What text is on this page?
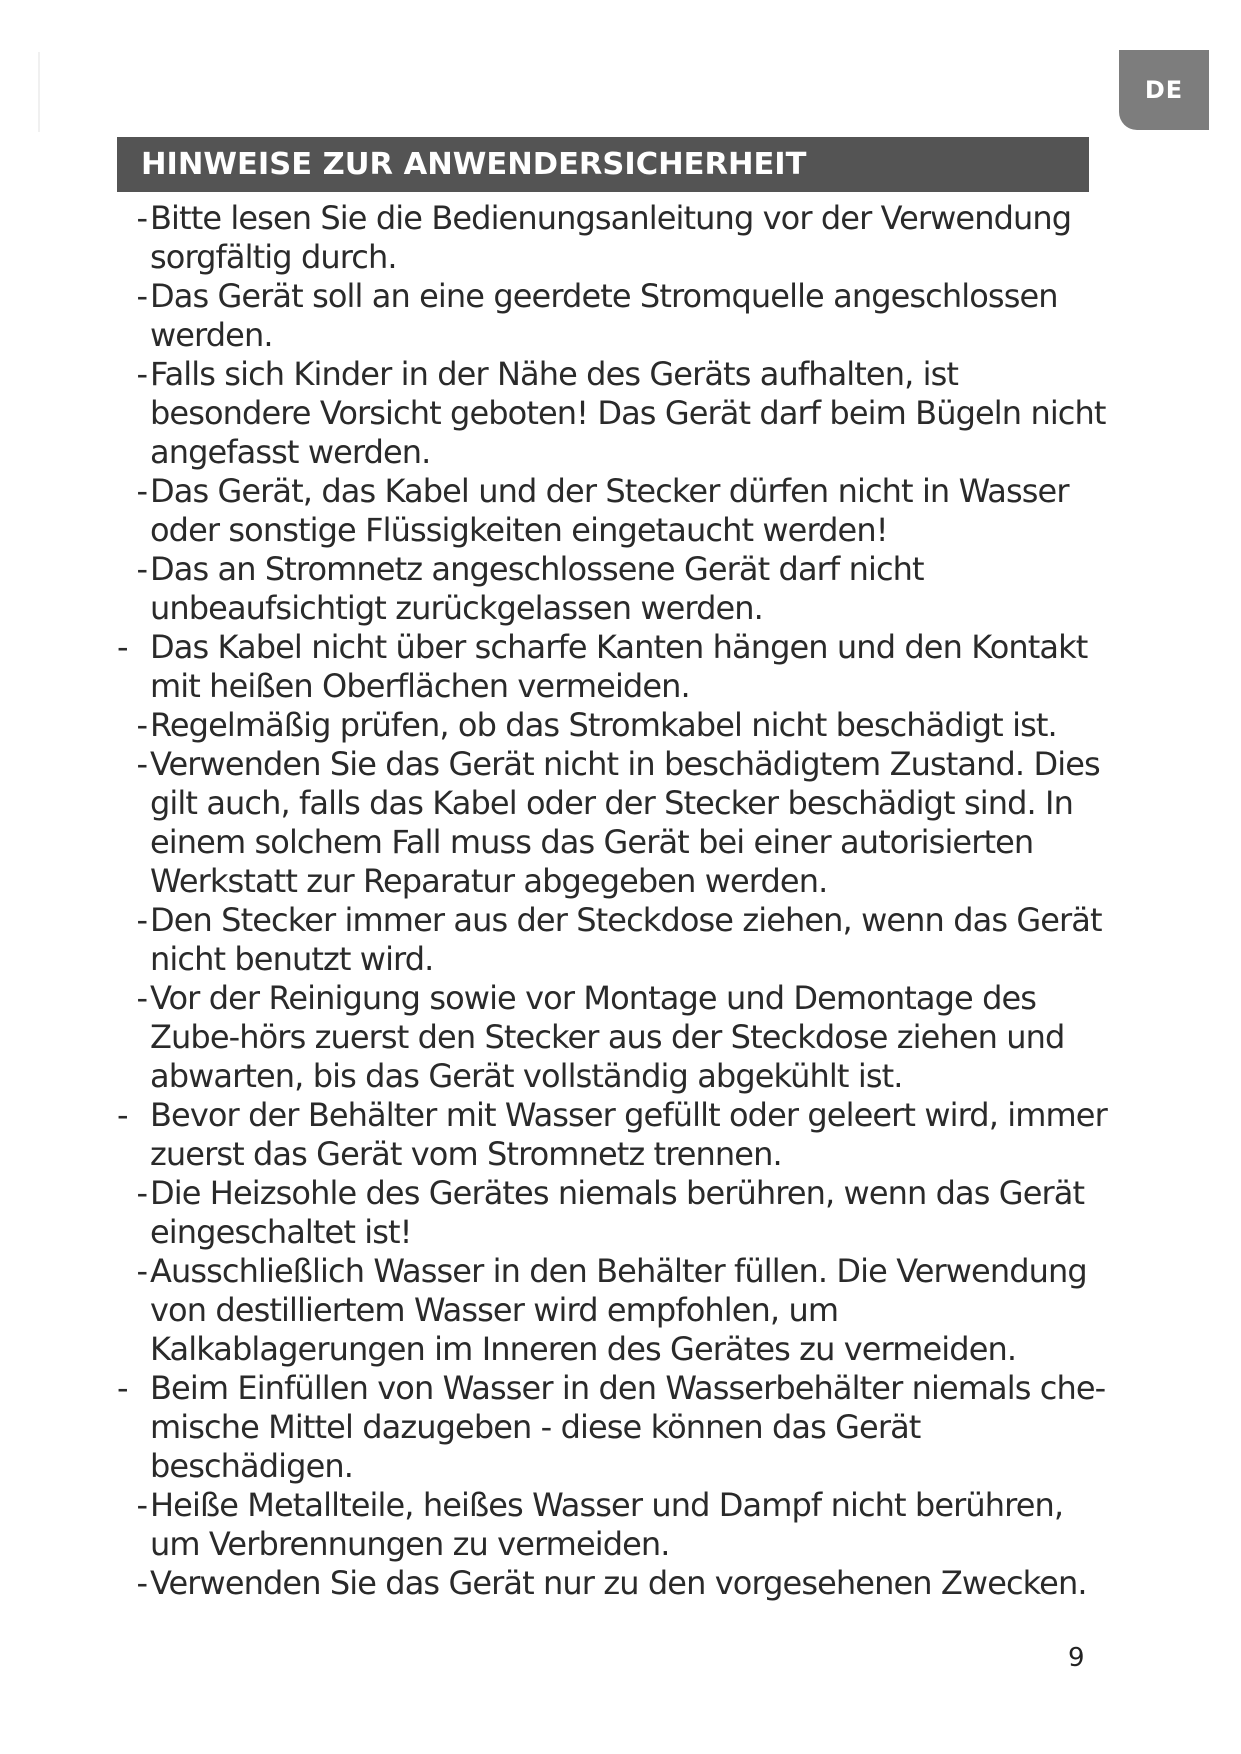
DE
HINWEISE ZUR ANWENDERSICHERHEIT
- Bitte lesen Sie die Bedienungsanleitung vor der Verwendung sorgfältig durch.
- Das Gerät soll an eine geerdete Stromquelle angeschlossen werden.
- Falls sich Kinder in der Nähe des Geräts aufhalten, ist besondere Vorsicht geboten! Das Gerät darf beim Bügeln nicht angefasst werden.
- Das Gerät, das Kabel und der Stecker dürfen nicht in Wasser oder sonstige Flüssigkeiten eingetaucht werden!
- Das an Stromnetz angeschlossene Gerät darf nicht unbeaufsichtigt zurückgelassen werden.
- Das Kabel nicht über scharfe Kanten hängen und den Kontakt mit heißen Oberflächen vermeiden.
- Regelmäßig prüfen, ob das Stromkabel nicht beschädigt ist.
- Verwenden Sie das Gerät nicht in beschädigtem Zustand. Dies gilt auch, falls das Kabel oder der Stecker beschädigt sind. In einem solchem Fall muss das Gerät bei einer autorisierten Werkstatt zur Reparatur abgegeben werden.
- Den Stecker immer aus der Steckdose ziehen, wenn das Gerät nicht benutzt wird.
- Vor der Reinigung sowie vor Montage und Demontage des Zube-hörs zuerst den Stecker aus der Steckdose ziehen und abwarten, bis das Gerät vollständig abgekühlt ist.
- Bevor der Behälter mit Wasser gefüllt oder geleert wird, immer zuerst das Gerät vom Stromnetz trennen.
- Die Heizsohle des Gerätes niemals berühren, wenn das Gerät eingeschaltet ist!
- Ausschließlich Wasser in den Behälter füllen. Die Verwendung von destilliertem Wasser wird empfohlen, um Kalkablagerungen im Inneren des Gerätes zu vermeiden.
- Beim Einfüllen von Wasser in den Wasserbehälter niemals che-mische Mittel dazugeben - diese können das Gerät beschädigen.
- Heiße Metallteile, heißes Wasser und Dampf nicht berühren, um Verbrennungen zu vermeiden.
- Verwenden Sie das Gerät nur zu den vorgesehenen Zwecken.
9
